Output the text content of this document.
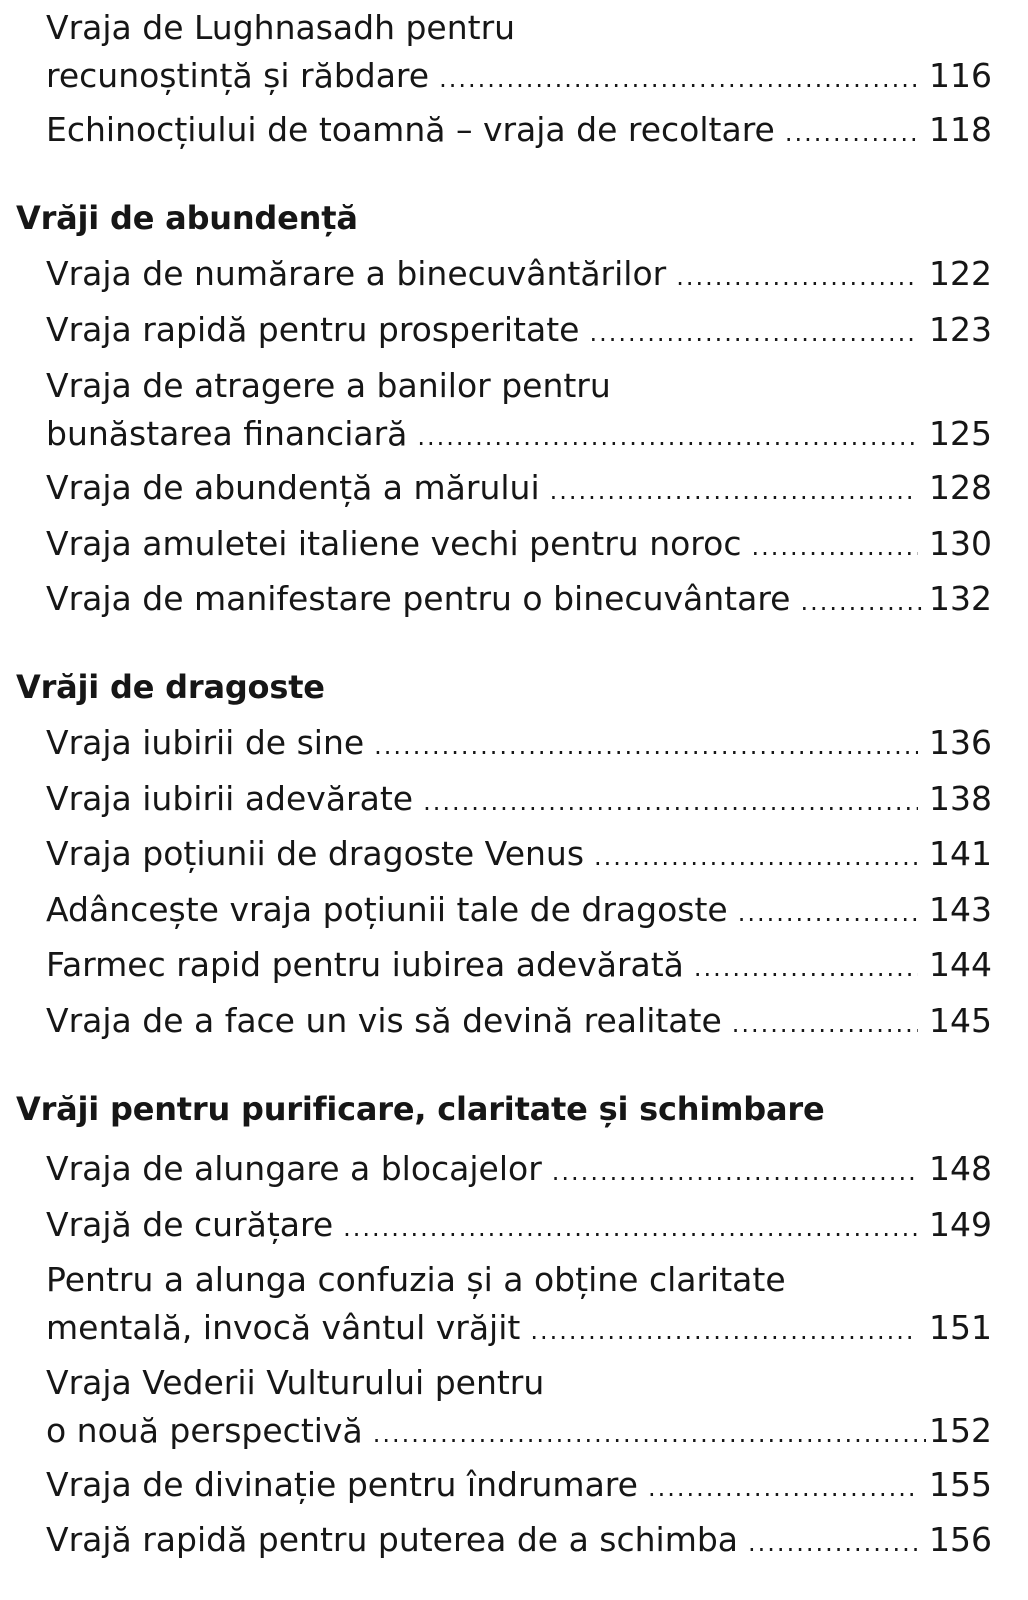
Vraja de Lughnasadh pentru
recunoștință și răbdare .....	116
Echinocțiului de toamnă – vraja de recoltare .....	118
Vrăji de abundență
Vraja de numărare a binecuvântărilor .....	122
Vraja rapidă pentru prosperitate .....	123
Vraja de atragere a banilor pentru
bunăstarea financiară .....	125
Vraja de abundență a mărului .....	128
Vraja amuletei italiene vechi pentru noroc .....	130
Vraja de manifestare pentru o binecuvântare .....	132
Vrăji de dragoste
Vraja iubirii de sine .....	136
Vraja iubirii adevărate .....	138
Vraja poțiunii de dragoste Venus .....	141
Adâncește vraja poțiunii tale de dragoste .....	143
Farmec rapid pentru iubirea adevărată .....	144
Vraja de a face un vis să devină realitate .....	145
Vrăji pentru purificare, claritate și schimbare
Vraja de alungare a blocajelor .....	148
Vrajă de curățare .....	149
Pentru a alunga confuzia și a obține claritate
mentală, invocă vântul vrăjit .....	151
Vraja Vederii Vulturului pentru
o nouă perspectivă .....	152
Vraja de divinație pentru îndrumare .....	155
Vrajă rapidă pentru puterea de a schimba .....	156
